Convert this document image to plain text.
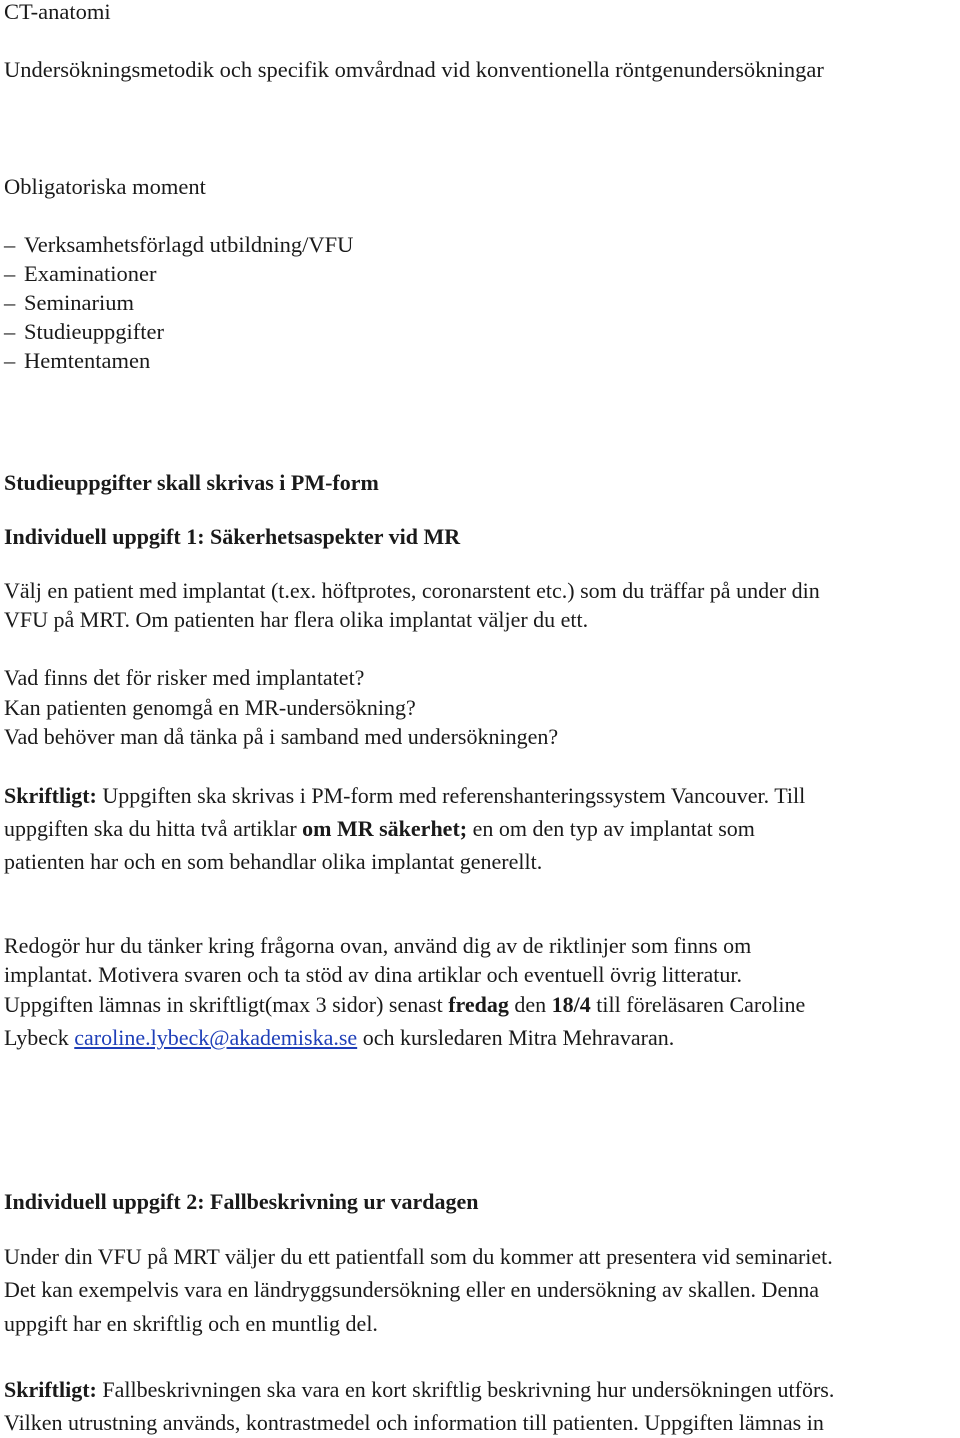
CT-anatomi
Undersökningsmetodik och specifik omvårdnad vid konventionella röntgenundersökningar
Obligatoriska moment
– Verksamhetsförlagd utbildning/VFU
– Examinationer
– Seminarium
– Studieuppgifter
– Hemtentamen
Studieuppgifter skall skrivas i PM-form
Individuell uppgift 1: Säkerhetsaspekter vid MR
Välj en patient med implantat (t.ex. höftprotes, coronarstent etc.) som du träffar på under din
VFU på MRT. Om patienten har flera olika implantat väljer du ett.
Vad finns det för risker med implantatet?
Kan patienten genomgå en MR-undersökning?
Vad behöver man då tänka på i samband med undersökningen?
Skriftligt: Uppgiften ska skrivas i PM-form med referenshanteringssystem Vancouver. Till
uppgiften ska du hitta två artiklar om MR säkerhet; en om den typ av implantat som
patienten har och en som behandlar olika implantat generellt.
Redogör hur du tänker kring frågorna ovan, använd dig av de riktlinjer som finns om
implantat. Motivera svaren och ta stöd av dina artiklar och eventuell övrig litteratur.
Uppgiften lämnas in skriftligt(max 3 sidor) senast fredag den 18/4 till föreläsaren Caroline
Lybeck caroline.lybeck@akademiska.se och kursledaren Mitra Mehravaran.
Individuell uppgift 2: Fallbeskrivning ur vardagen
Under din VFU på MRT väljer du ett patientfall som du kommer att presentera vid seminariet.
Det kan exempelvis vara en ländryggsundersökning eller en undersökning av skallen. Denna
uppgift har en skriftlig och en muntlig del.
Skriftligt: Fallbeskrivningen ska vara en kort skriftlig beskrivning hur undersökningen utförs.
Vilken utrustning används, kontrastmedel och information till patienten. Uppgiften lämnas in
